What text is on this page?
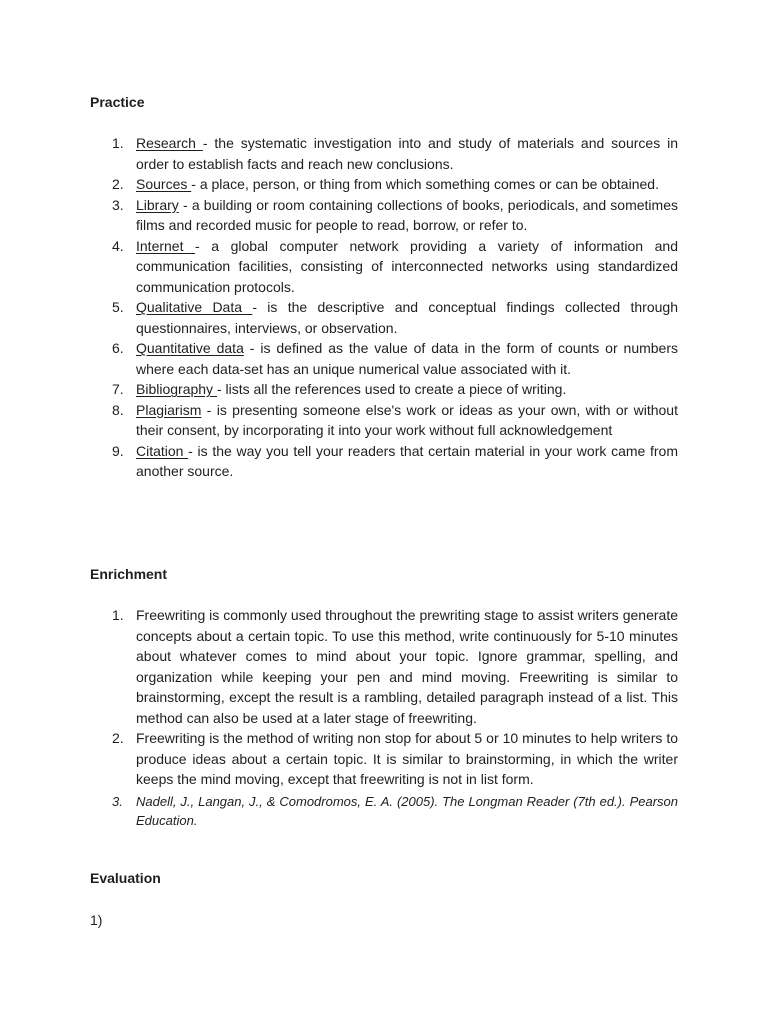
Practice
1. Research - the systematic investigation into and study of materials and sources in order to establish facts and reach new conclusions.
2. Sources - a place, person, or thing from which something comes or can be obtained.
3. Library - a building or room containing collections of books, periodicals, and sometimes films and recorded music for people to read, borrow, or refer to.
4. Internet - a global computer network providing a variety of information and communication facilities, consisting of interconnected networks using standardized communication protocols.
5. Qualitative Data - is the descriptive and conceptual findings collected through questionnaires, interviews, or observation.
6. Quantitative data - is defined as the value of data in the form of counts or numbers where each data-set has an unique numerical value associated with it.
7. Bibliography - lists all the references used to create a piece of writing.
8. Plagiarism - is presenting someone else's work or ideas as your own, with or without their consent, by incorporating it into your work without full acknowledgement
9. Citation - is the way you tell your readers that certain material in your work came from another source.
Enrichment
1. Freewriting is commonly used throughout the prewriting stage to assist writers generate concepts about a certain topic. To use this method, write continuously for 5-10 minutes about whatever comes to mind about your topic. Ignore grammar, spelling, and organization while keeping your pen and mind moving. Freewriting is similar to brainstorming, except the result is a rambling, detailed paragraph instead of a list. This method can also be used at a later stage of freewriting.
2. Freewriting is the method of writing non stop for about 5 or 10 minutes to help writers to produce ideas about a certain topic. It is similar to brainstorming, in which the writer keeps the mind moving, except that freewriting is not in list form.
3. Nadell, J., Langan, J., & Comodromos, E. A. (2005). The Longman Reader (7th ed.). Pearson Education.
Evaluation
1)
